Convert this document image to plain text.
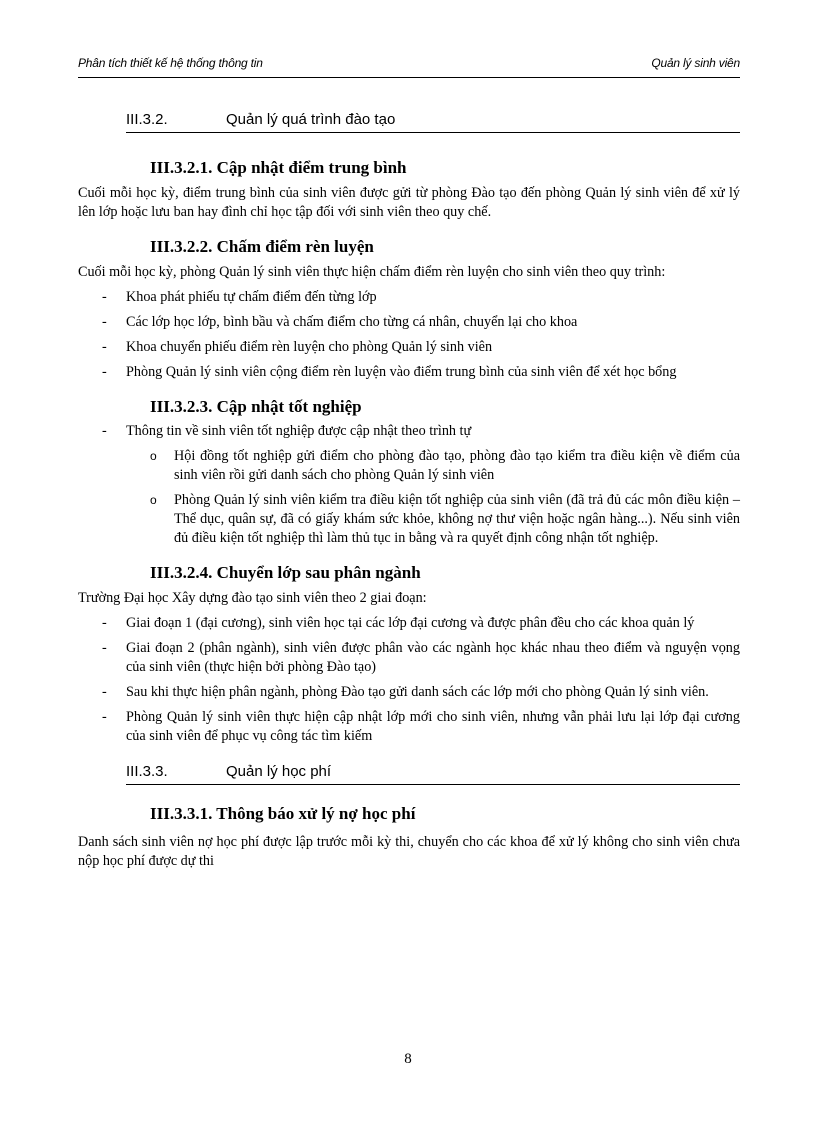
Phân tích thiết kế hệ thống thông tin	Quản lý sinh viên
III.3.2.	Quản lý quá trình đào tạo
III.3.2.1. Cập nhật điểm trung bình

Cuối mỗi học kỳ, điểm trung bình của sinh viên được gửi từ phòng Đào tạo đến phòng Quản lý sinh viên để xử lý lên lớp hoặc lưu ban hay đình chỉ học tập đối với sinh viên theo quy chế.

III.3.2.2. Chấm điểm rèn luyện

Cuối mỗi học kỳ, phòng Quản lý sinh viên thực hiện chấm điểm rèn luyện cho sinh viên theo quy trình:

- Khoa phát phiếu tự chấm điểm đến từng lớp
- Các lớp học lớp, bình bầu và chấm điểm cho từng cá nhân, chuyển lại cho khoa
- Khoa chuyển phiếu điểm rèn luyện cho phòng Quản lý sinh viên
- Phòng Quản lý sinh viên cộng điểm rèn luyện vào điểm trung bình của sinh viên để xét học bổng
III.3.2.3. Cập nhật tốt nghiệp
- Thông tin về sinh viên tốt nghiệp được cập nhật theo trình tự
o Hội đồng tốt nghiệp gửi điểm cho phòng đào tạo, phòng đào tạo kiểm tra điều kiện về điểm của sinh viên rồi gửi danh sách cho phòng Quản lý sinh viên
o Phòng Quản lý sinh viên kiểm tra điều kiện tốt nghiệp của sinh viên (đã trả đủ các môn điều kiện – Thể dục, quân sự, đã có giấy khám sức khỏe, không nợ thư viện hoặc ngân hàng...). Nếu sinh viên đủ điều kiện tốt nghiệp thì làm thủ tục in bằng và ra quyết định công nhận tốt nghiệp.
III.3.2.4. Chuyển lớp sau phân ngành

Trường Đại học Xây dựng đào tạo sinh viên theo 2 giai đoạn:

- Giai đoạn 1 (đại cương), sinh viên học tại các lớp đại cương và được phân đều cho các khoa quản lý
- Giai đoạn 2 (phân ngành), sinh viên được phân vào các ngành học khác nhau theo điểm và nguyện vọng của sinh viên (thực hiện bởi phòng Đào tạo)
- Sau khi thực hiện phân ngành, phòng Đào tạo gửi danh sách các lớp mới cho phòng Quản lý sinh viên.
- Phòng Quản lý sinh viên thực hiện cập nhật lớp mới cho sinh viên, nhưng vẫn phải lưu lại lớp đại cương của sinh viên để phục vụ công tác tìm kiếm
III.3.3.	Quản lý học phí
III.3.3.1. Thông báo xử lý nợ học phí

Danh sách sinh viên nợ học phí được lập trước mỗi kỳ thi, chuyển cho các khoa để xử lý không cho sinh viên chưa nộp học phí được dự thi

8
